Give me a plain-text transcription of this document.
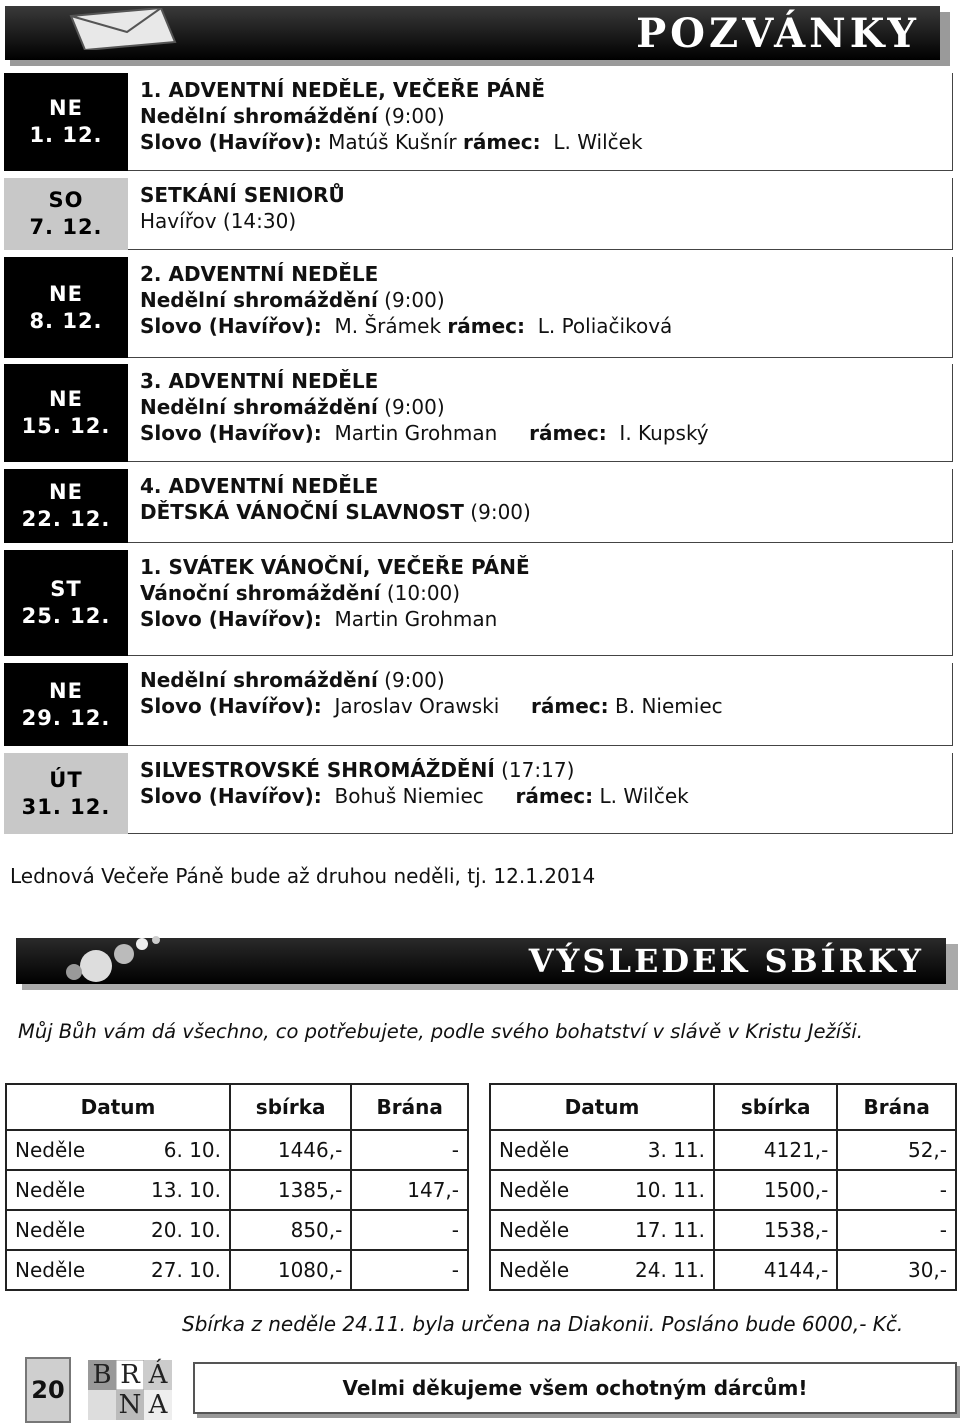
POZVÁNKY
NE
1. 12.
1. ADVENTNÍ NEDĚLE, VEČEŘE PÁNĚ
Nedělní shromáždění (9:00)
Slovo (Havířov): Matúš Kušnír rámec:  L. Wilček
SO
7. 12.
SETKÁNÍ SENIORŮ
Havířov (14:30)
NE
8. 12.
2. ADVENTNÍ NEDĚLE
Nedělní shromáždění (9:00)
Slovo (Havířov):  M. Šrámek rámec:  L. Poliačiková
NE
15. 12.
3. ADVENTNÍ NEDĚLE
Nedělní shromáždění (9:00)
Slovo (Havířov):  Martin Grohman     rámec:  I. Kupský
NE
22. 12.
4. ADVENTNÍ NEDĚLE
DĚTSKÁ VÁNOČNÍ SLAVNOST (9:00)
ST
25. 12.
1. SVÁTEK VÁNOČNÍ, VEČEŘE PÁNĚ
Vánoční shromáždění (10:00)
Slovo (Havířov):  Martin Grohman
NE
29. 12.
Nedělní shromáždění (9:00)
Slovo (Havířov):  Jaroslav Orawski     rámec: B. Niemiec
ÚT
31. 12.
SILVESTROVSKÉ SHROMÁŽDĚNÍ (17:17)
Slovo (Havířov):  Bohuš Niemiec     rámec: L. Wilček
Lednová Večeře Páně bude až druhou neděli, tj. 12.1.2014
VÝSLEDEK SBÍRKY
Můj Bůh vám dá všechno, co potřebujete, podle svého bohatství v slávě v Kristu Ježíši.
Datum		sbírka	Brána
Neděle	6. 10.	1446,-	-
Neděle	13. 10.	1385,-	147,-
Neděle	20. 10.	850,-	-
Neděle	27. 10.	1080,-	-
Datum		sbírka	Brána
Neděle	3. 11.	4121,-	52,-
Neděle	10. 11.	1500,-	-
Neděle	17. 11.	1538,-	-
Neděle	24. 11.	4144,-	30,-
Sbírka z neděle 24.11. byla určena na Diakonii. Posláno bude 6000,- Kč.
20 B R Á
N A
Velmi děkujeme všem ochotným dárcům!
